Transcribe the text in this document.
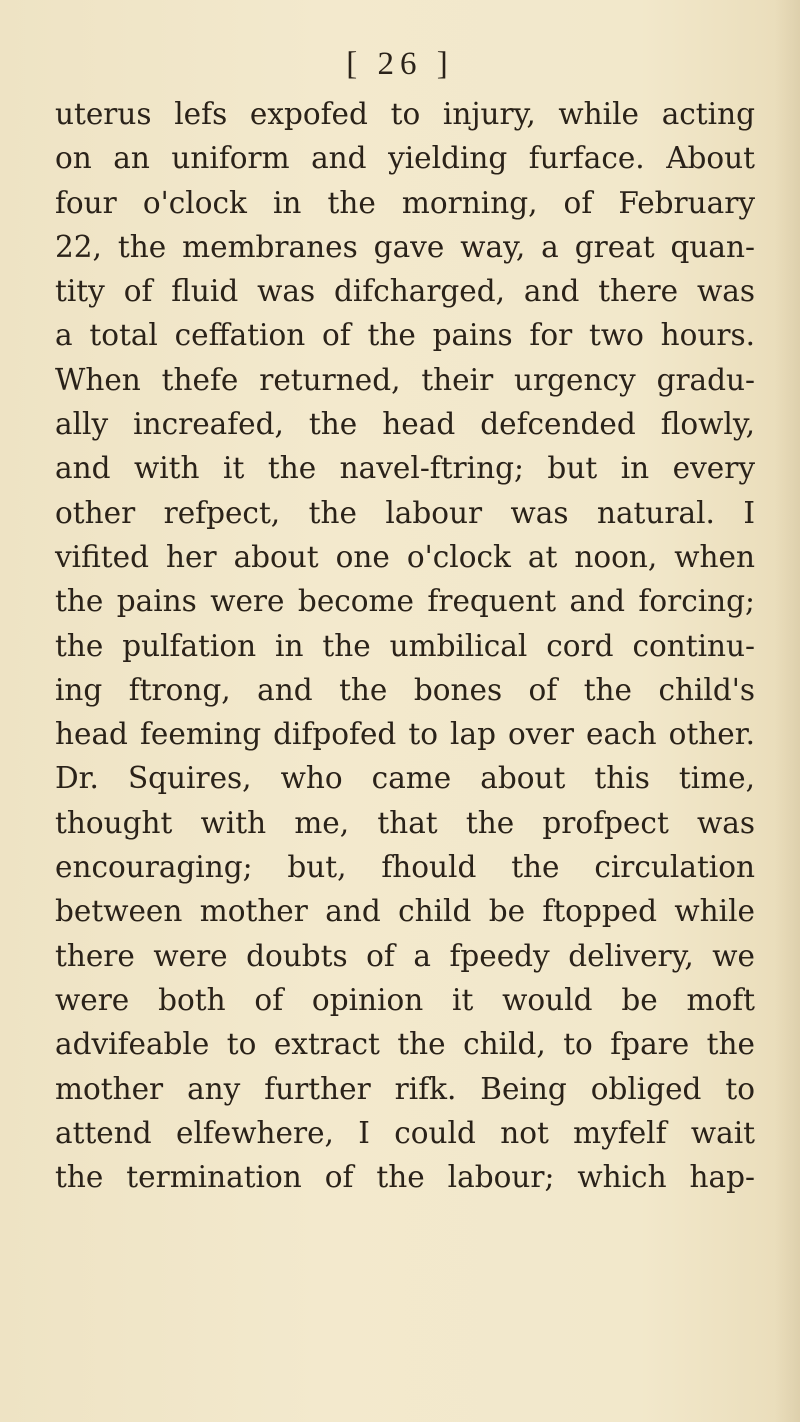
[ 26 ]
uterus lefs expofed to injury, while acting
on an uniform and yielding furface. About
four o'clock in the morning, of February
22, the membranes gave way, a great quan-
tity of fluid was difcharged, and there was
a total ceffation of the pains for two hours.
When thefe returned, their urgency gradu-
ally increafed, the head defcended flowly,
and with it the navel-ftring; but in every
other refpect, the labour was natural. I
vifited her about one o'clock at noon, when
the pains were become frequent and forcing;
the pulfation in the umbilical cord continu-
ing ftrong, and the bones of the child's
head feeming difpofed to lap over each other.
Dr. Squires, who came about this time,
thought with me, that the profpect was
encouraging; but, fhould the circulation
between mother and child be ftopped while
there were doubts of a fpeedy delivery, we
were both of opinion it would be moft
advifeable to extract the child, to fpare the
mother any further rifk. Being obliged to
attend elfewhere, I could not myfelf wait
the termination of the labour; which hap-
